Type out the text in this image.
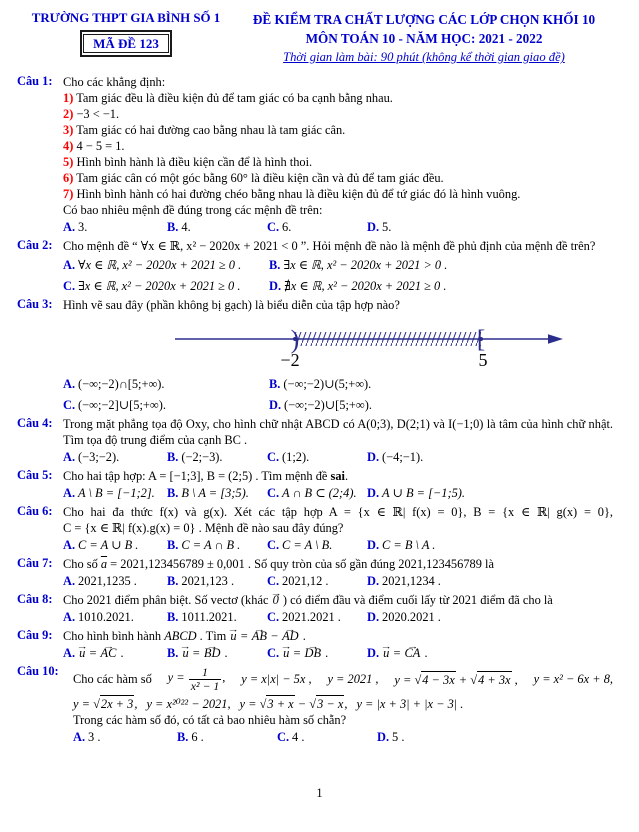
TRƯỜNG THPT GIA BÌNH SỐ 1
MÃ ĐỀ 123
ĐỀ KIỂM TRA CHẤT LƯỢNG CÁC LỚP CHỌN KHỐI 10
MÔN TOÁN 10 - NĂM HỌC: 2021 - 2022
Thời gian làm bài: 90 phút (không kể thời gian giao đề)
Câu 1: Cho các khẳng định:
1) Tam giác đều là điều kiện đủ để tam giác có ba cạnh bằng nhau.
2) −3 < −1.
3) Tam giác có hai đường cao bằng nhau là tam giác cân.
4) 4 − 5 = 1.
5) Hình bình hành là điều kiện cần để là hình thoi.
6) Tam giác cân có một góc bằng 60° là điều kiện cần và đủ để tam giác đều.
7) Hình bình hành có hai đường chéo bằng nhau là điều kiện đủ để tứ giác đó là hình vuông.
Có bao nhiêu mệnh đề đúng trong các mệnh đề trên:
A. 3.	B. 4.	C. 6.	D. 5.
Câu 2: Cho mệnh đề “ ∀x ∈ ℝ, x² − 2020x + 2021 < 0 ”. Hỏi mệnh đề nào là mệnh đề phủ định của mệnh đề trên?
A. ∀x ∈ ℝ, x² − 2020x + 2021 ≥ 0 .	B. ∃x ∈ ℝ, x² − 2020x + 2021 > 0 .
C. ∃x ∈ ℝ, x² − 2020x + 2021 ≥ 0 .	D. ∄x ∈ ℝ, x² − 2020x + 2021 ≥ 0 .
Câu 3: Hình vẽ sau đây (phần không bị gạch) là biểu diễn của tập hợp nào?
)	[
−2	5
A. (−∞;−2)∩[5;+∞).	B. (−∞;−2)∪(5;+∞).
C. (−∞;−2]∪[5;+∞).	D. (−∞;−2)∪[5;+∞).
Câu 4: Trong mặt phẳng tọa độ Oxy, cho hình chữ nhật ABCD có A(0;3), D(2;1) và I(−1;0) là tâm của hình chữ nhật. Tìm tọa độ trung điểm của cạnh BC .
A. (−3;−2).	B. (−2;−3).	C. (1;2).	D. (−4;−1).
Câu 5: Cho hai tập hợp: A = [−1;3], B = (2;5) . Tìm mệnh đề sai.
A. A \ B = [−1;2]. B. B \ A = [3;5).	C. A ∩ B ⊂ (2;4). D. A ∪ B = [−1;5).
Câu 6: Cho hai đa thức f(x) và g(x). Xét các tập hợp A = {x ∈ ℝ| f(x) = 0}, B = {x ∈ ℝ| g(x) = 0},
C = {x ∈ ℝ| f(x).g(x) = 0} . Mệnh đề nào sau đây đúng?
A. C = A ∪ B .	B. C = A ∩ B .	C. C = A \ B.	D. C = B \ A .
Câu 7: Cho số $\overline{a} = 2021,123456789 \pm 0,001$ . Số quy tròn của số gần đúng 2021,123456789 là
A. 2021,1235 .	B. 2021,123 .	C. 2021,12 .	D. 2021,1234 .
Câu 8: Cho 2021 điểm phân biệt. Số vectơ (khác → 0 ) có điểm đầu và điểm cuối lấy từ 2021 điểm đã cho là
A. 1010.2021.	B. 1011.2021.	C. 2021.2021 .	D. 2020.2021 .
Câu 9: Cho hình bình hành ABCD . Tìm → u = → AB − → AD .
A. → u = → AC .	B. → u = → BD .	C. → u = → DB .	D. → u = → CA .
Câu 10:
Cho các hàm số $y = \frac{1}{\text{x² − 1}}$ , y = x|x| − 5x , y = 2021 , y = √ 4 − 3x + √ 4 + 3x , y = x² − 6x + 8,
y = √ 2x + 3, y = x²⁰²² − 2021, y = √ 3 + x − √ 3 − x, y = |x + 3| + |x − 3| .
Trong các hàm số đó, có tất cả bao nhiêu hàm số chẵn?
A. 3 .	B. 6 .	C. 4 .	D. 5 .
1
